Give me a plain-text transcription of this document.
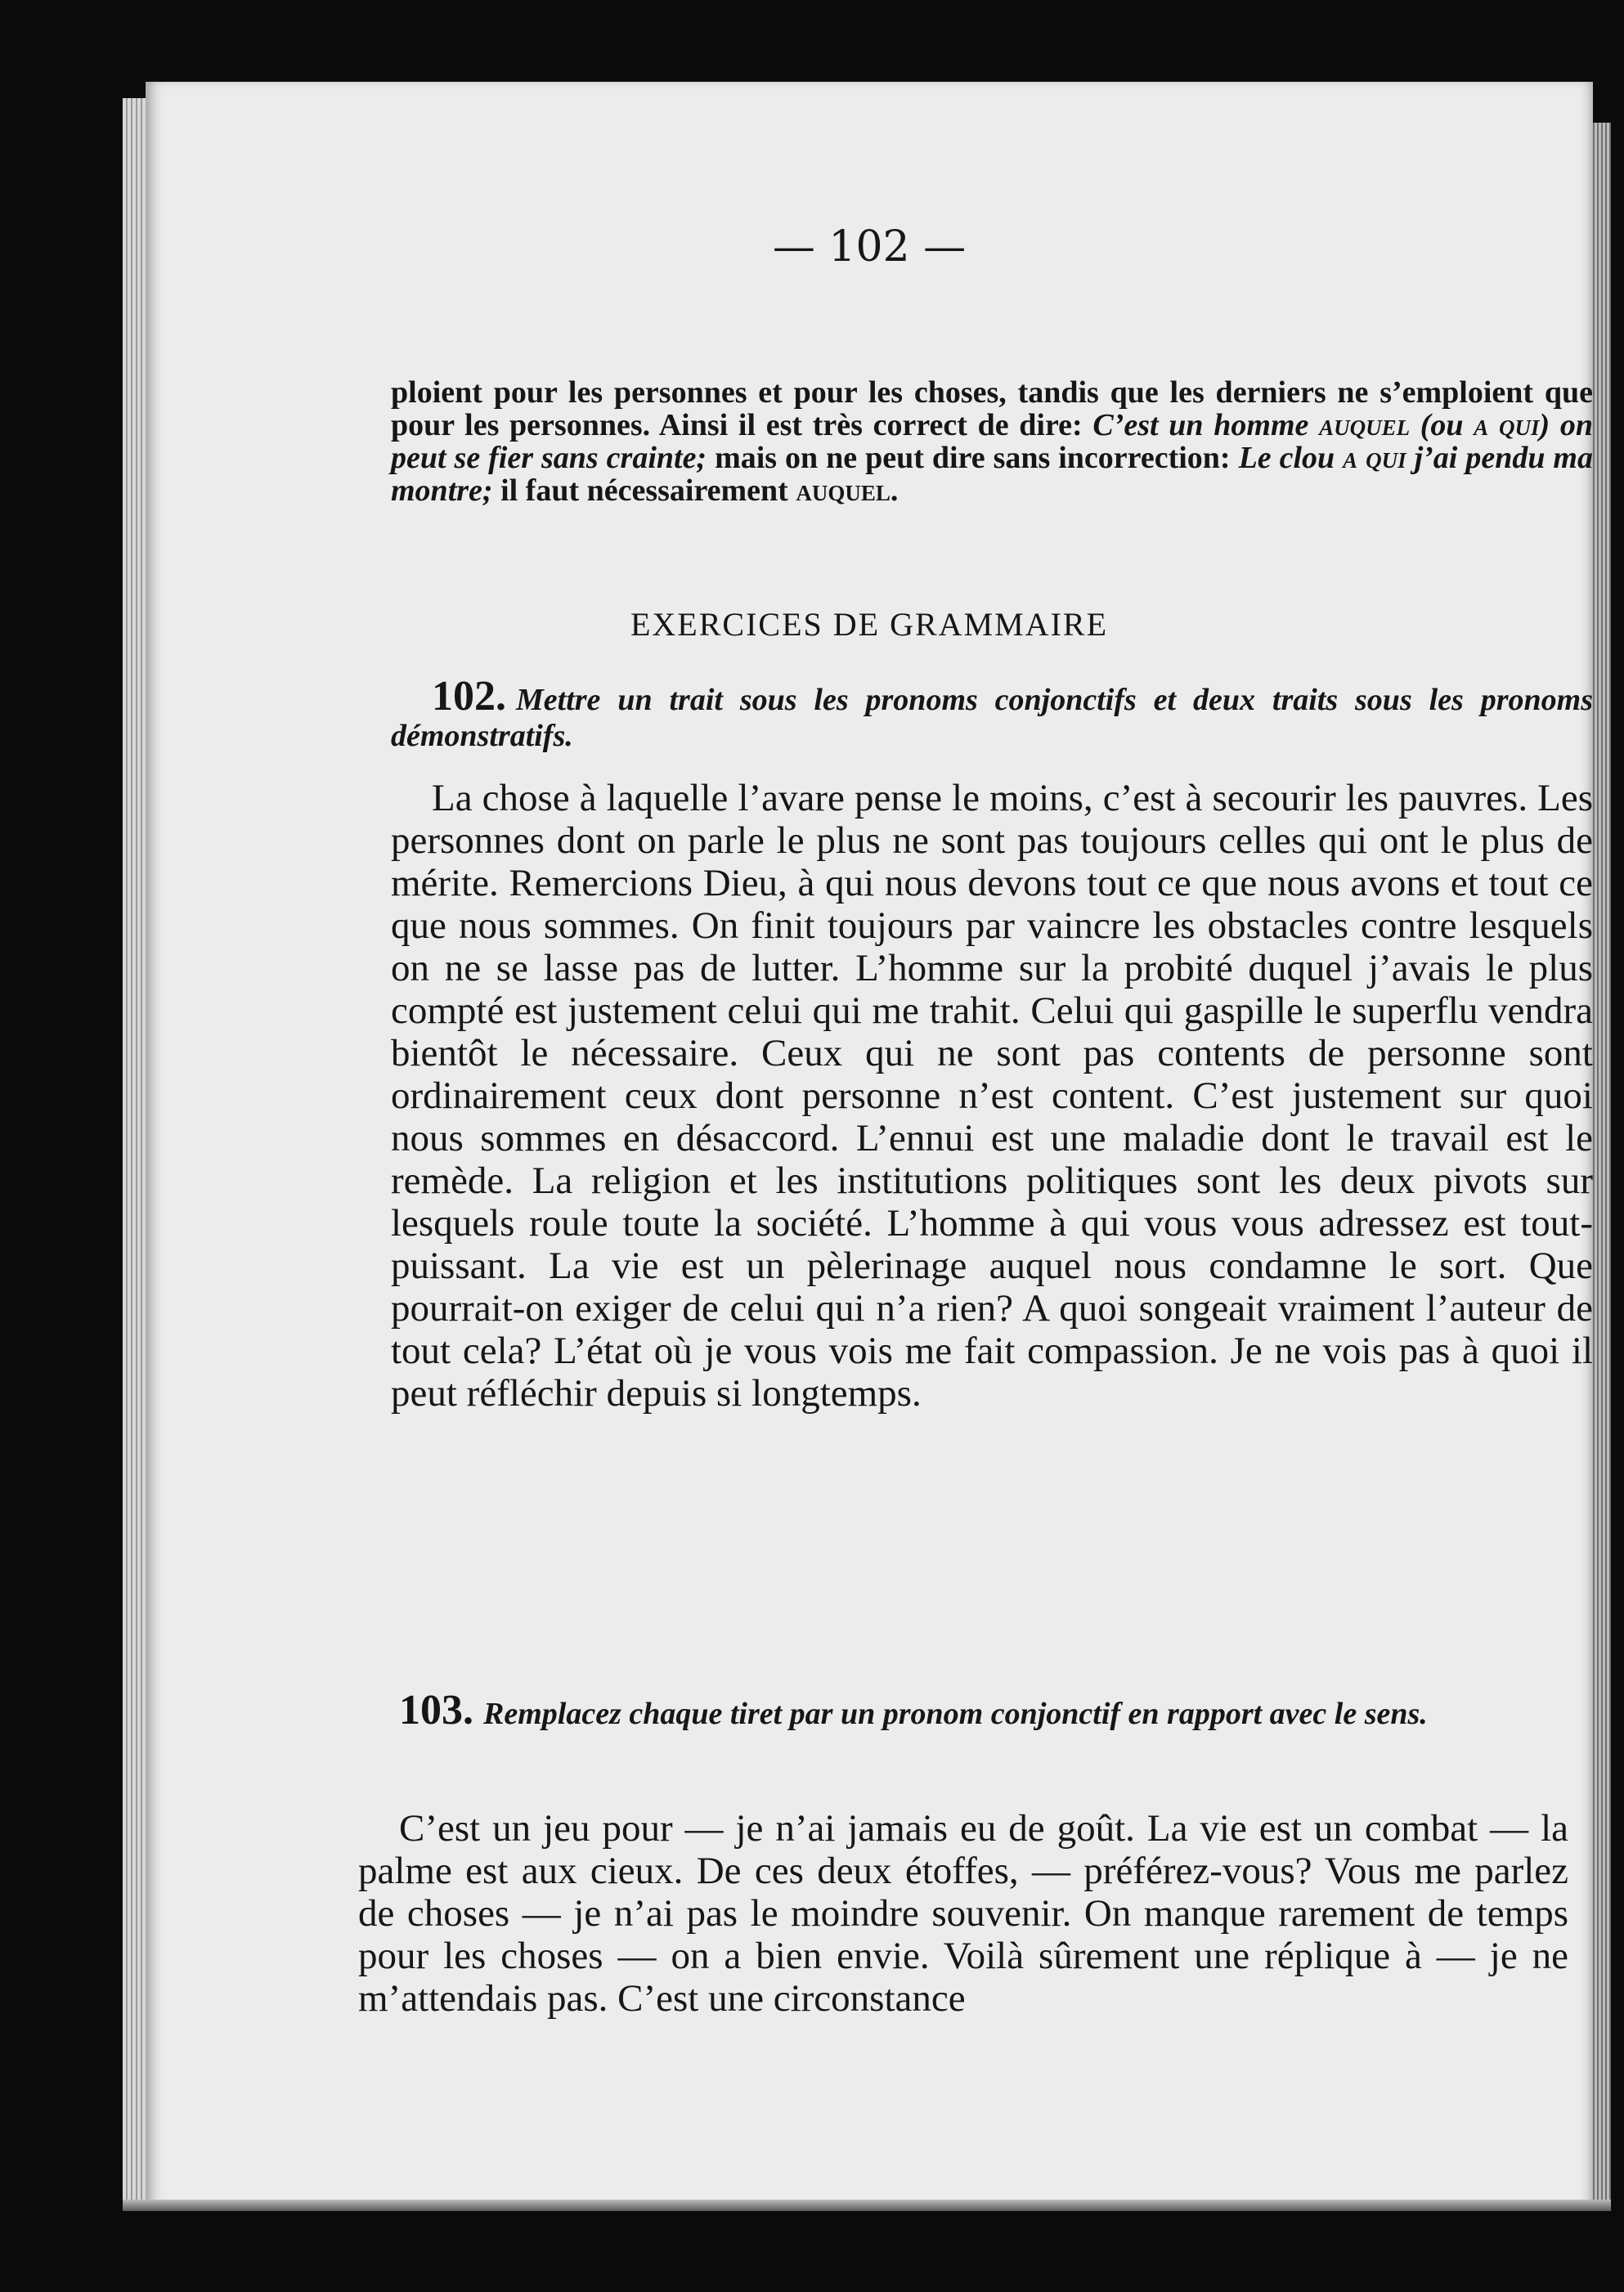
— 102 —
ploient pour les personnes et pour les choses, tandis que les derniers ne s’emploient que pour les personnes. Ainsi il est très correct de dire: C’est un homme auquel (ou a qui) on peut se fier sans crainte; mais on ne peut dire sans incorrection: Le clou a qui j’ai pendu ma montre; il faut nécessairement auquel.
EXERCICES DE GRAMMAIRE
102. Mettre un trait sous les pronoms conjonctifs et deux traits sous les pronoms démonstratifs.

La chose à laquelle l’avare pense le moins, c’est à secourir les pauvres. Les personnes dont on parle le plus ne sont pas toujours celles qui ont le plus de mérite. Remercions Dieu, à qui nous devons tout ce que nous avons et tout ce que nous sommes. On finit toujours par vaincre les obstacles contre lesquels on ne se lasse pas de lutter. L’homme sur la probité duquel j’avais le plus compté est justement celui qui me trahit. Celui qui gaspille le superflu vendra bientôt le nécessaire. Ceux qui ne sont pas contents de personne sont ordinairement ceux dont personne n’est content. C’est justement sur quoi nous sommes en désaccord. L’ennui est une maladie dont le travail est le remède. La religion et les institutions politiques sont les deux pivots sur lesquels roule toute la société. L’homme à qui vous vous adressez est tout-puissant. La vie est un pèlerinage auquel nous condamne le sort. Que pourrait-on exiger de celui qui n’a rien? A quoi songeait vraiment l’auteur de tout cela? L’état où je vous vois me fait compassion. Je ne vois pas à quoi il peut réfléchir depuis si longtemps.

103. Remplacez chaque tiret par un pronom conjonctif en rapport avec le sens.

C’est un jeu pour — je n’ai jamais eu de goût. La vie est un combat — la palme est aux cieux. De ces deux étoffes, — préférez-vous? Vous me parlez de choses — je n’ai pas le moindre souvenir. On manque rarement de temps pour les choses — on a bien envie. Voilà sûrement une réplique à — je ne m’attendais pas. C’est une circonstance
